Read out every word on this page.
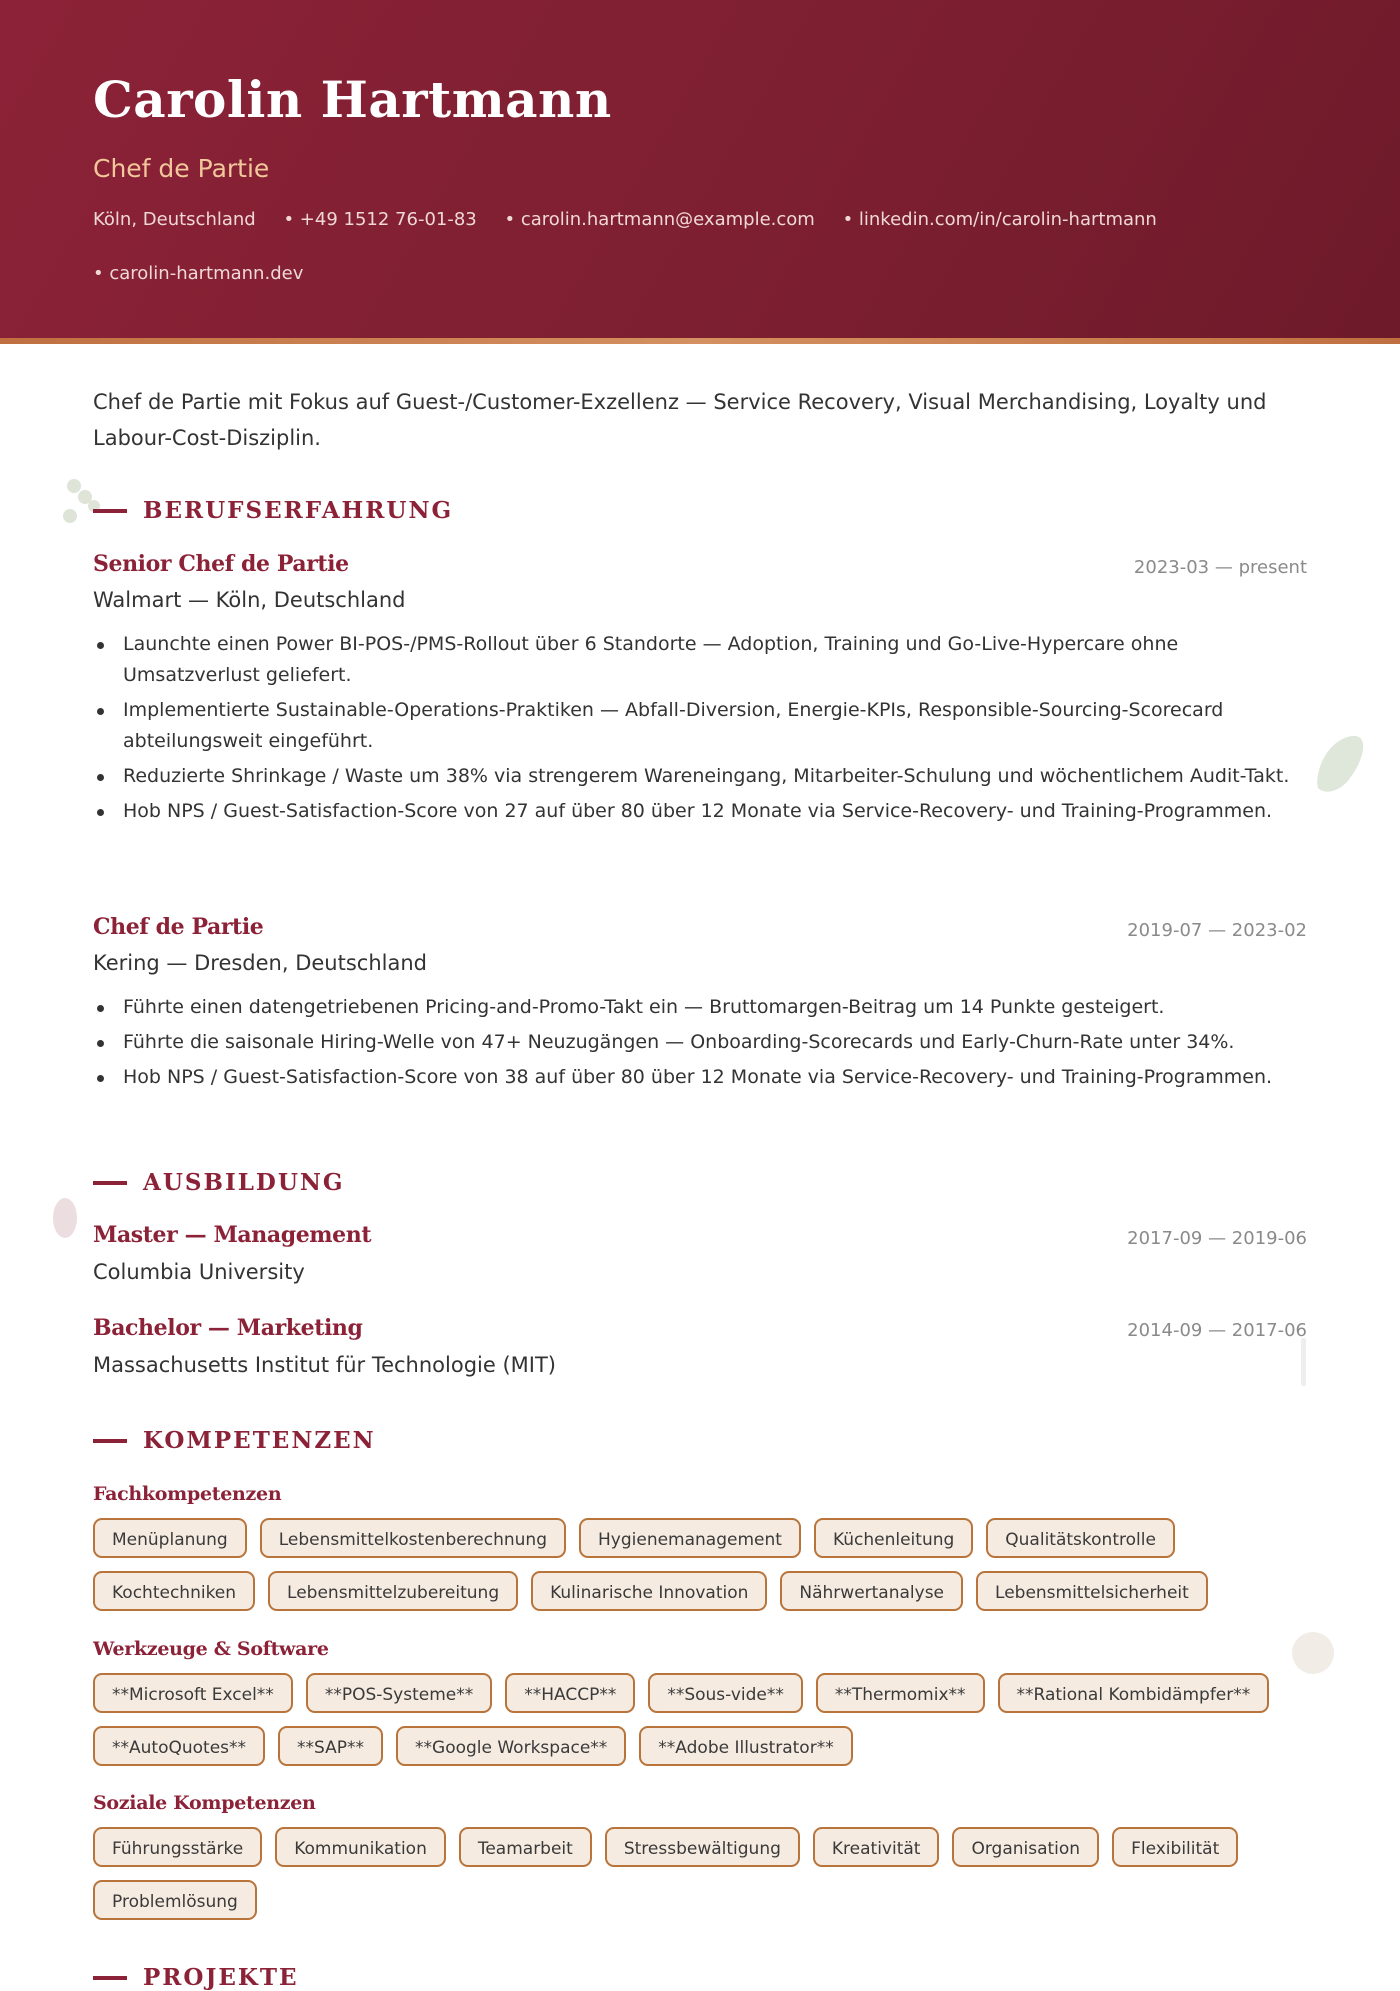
Carolin Hartmann
Chef de Partie
Köln, Deutschland • +49 1512 76-01-83 • carolin.hartmann@example.com • linkedin.com/in/carolin-hartmann
• carolin-hartmann.dev
Chef de Partie mit Fokus auf Guest-/Customer-Exzellenz — Service Recovery, Visual Merchandising, Loyalty und Labour-Cost-Disziplin.
BERUFSERFAHRUNG
Senior Chef de Partie	2023-03 — present
Walmart — Köln, Deutschland
Launchte einen Power BI-POS-/PMS-Rollout über 6 Standorte — Adoption, Training und Go-Live-Hypercare ohne Umsatzverlust geliefert.
Implementierte Sustainable-Operations-Praktiken — Abfall-Diversion, Energie-KPIs, Responsible-Sourcing-Scorecard abteilungsweit eingeführt.
Reduzierte Shrinkage / Waste um 38% via strengerem Wareneingang, Mitarbeiter-Schulung und wöchentlichem Audit-Takt.
Hob NPS / Guest-Satisfaction-Score von 27 auf über 80 über 12 Monate via Service-Recovery- und Training-Programmen.
Chef de Partie	2019-07 — 2023-02
Kering — Dresden, Deutschland
Führte einen datengetriebenen Pricing-and-Promo-Takt ein — Bruttomargen-Beitrag um 14 Punkte gesteigert.
Führte die saisonale Hiring-Welle von 47+ Neuzugängen — Onboarding-Scorecards und Early-Churn-Rate unter 34%.
Hob NPS / Guest-Satisfaction-Score von 38 auf über 80 über 12 Monate via Service-Recovery- und Training-Programmen.
AUSBILDUNG
Master — Management	2017-09 — 2019-06
Columbia University
Bachelor — Marketing	2014-09 — 2017-06
Massachusetts Institut für Technologie (MIT)
KOMPETENZEN
Fachkompetenzen
Menüplanung	Lebensmittelkostenberechnung	Hygienemanagement	Küchenleitung	Qualitätskontrolle
Kochtechniken	Lebensmittelzubereitung	Kulinarische Innovation	Nährwertanalyse	Lebensmittelsicherheit
Werkzeuge & Software
**Microsoft Excel**	**POS-Systeme**	**HACCP**	**Sous-vide**	**Thermomix**	**Rational Kombidämpfer**
**AutoQuotes**	**SAP**	**Google Workspace**	**Adobe Illustrator**
Soziale Kompetenzen
Führungsstärke	Kommunikation	Teamarbeit	Stressbewältigung	Kreativität	Organisation	Flexibilität
Problemlösung
PROJEKTE
